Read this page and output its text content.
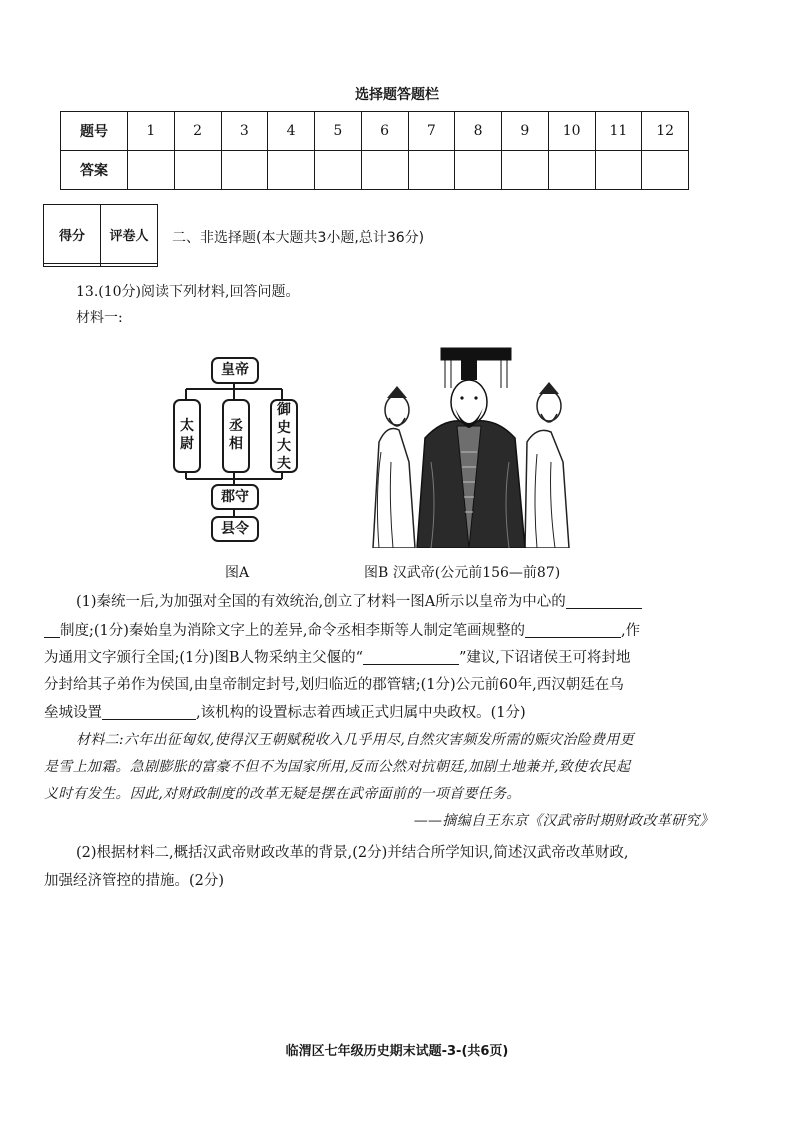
选择题答题栏
题号	1	2	3	4	5	6	7	8	9	10	11	12
答案												
得分	评卷人
	二、非选择题(本大题共3小题,总计36分)
13.(10分)阅读下列材料,回答问题。
材料一:
皇帝
太
尉
丞
相
御
史
大
夫
郡守
县令
图A	图B 汉武帝(公元前156—前87)
(1)秦统一后,为加强对全国的有效统治,创立了材料一图A所示以皇帝为中心的
制度;(1分)秦始皇为消除文字上的差异,命令丞相李斯等人制定笔画规整的	,作
为通用文字颁行全国;(1分)图B人物采纳主父偃的“	”建议,下诏诸侯王可将封地
分封给其子弟作为侯国,由皇帝制定封号,划归临近的郡管辖;(1分)公元前60年,西汉朝廷在乌
垒城设置	,该机构的设置标志着西域正式归属中央政权。(1分)
材料二:六年出征匈奴,使得汉王朝赋税收入几乎用尽,自然灾害频发所需的赈灾治险费用更
是雪上加霜。急剧膨胀的富豪不但不为国家所用,反而公然对抗朝廷,加剧土地兼并,致使农民起
义时有发生。因此,对财政制度的改革无疑是摆在武帝面前的一项首要任务。
——摘编自王东京《汉武帝时期财政改革研究》
(2)根据材料二,概括汉武帝财政改革的背景,(2分)并结合所学知识,简述汉武帝改革财政,
加强经济管控的措施。(2分)
临渭区七年级历史期末试题-3-(共6页)
